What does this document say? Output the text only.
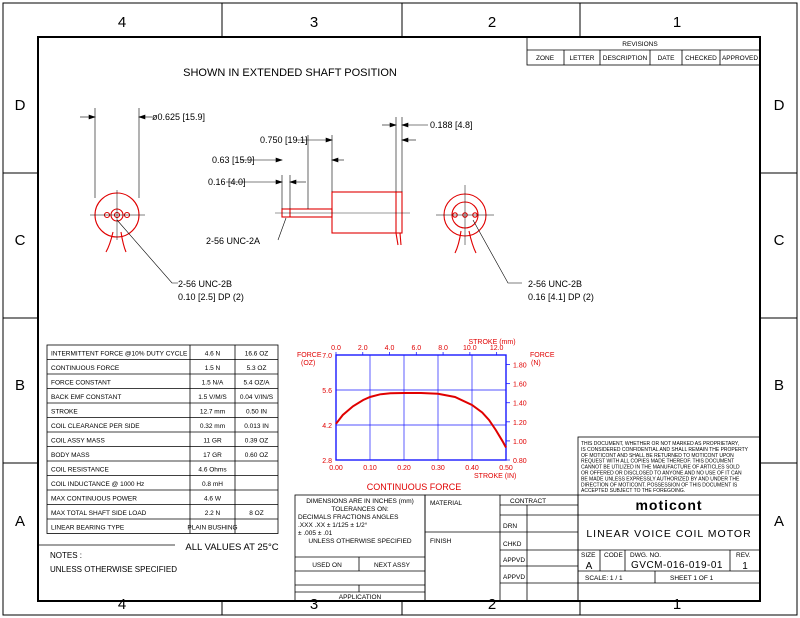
4	3	2	1
4	3	2	1
D
C
B
A
D
C
B
A
REVISIONS
ZONE LETTER DESCRIPTION DATE CHECKED APPROVED
SHOWN IN EXTENDED SHAFT POSITION
ø0.625 [15.9]
0.750 [19.1]
0.188 [4.8]
0.63 [15.9]
0.16 [4.0]
2-56 UNC-2A
2-56 UNC-2B
0.10 [2.5] DP (2)
2-56 UNC-2B
0.16 [4.1] DP (2)
INTERMITTENT FORCE @10% DUTY CYCLE	4.6 N	16.6 OZ
CONTINUOUS FORCE	1.5 N	5.3 OZ
FORCE CONSTANT	1.5 N/A	5.4 OZ/A
BACK EMF CONSTANT	1.5 V/M/S 0.04 V/IN/S
STROKE	12.7 mm	0.50 IN
COIL CLEARANCE PER SIDE	0.32 mm	0.013 IN
COIL ASSY MASS	11 GR	0.39 OZ
BODY MASS	17 GR	0.60 OZ
COIL RESISTANCE	4.6 Ohms
COIL INDUCTANCE @ 1000 Hz	0.8 mH
MAX CONTINUOUS POWER	4.6 W
MAX TOTAL SHAFT SIDE LOAD	2.2 N	8 OZ
LINEAR BEARING TYPE	PLAIN BUSHING
ALL VALUES AT 25°C
NOTES :
UNLESS OTHERWISE SPECIFIED
0.00	0.10	0.20	0.30	0.40	0.50
0.0 2.0 4.0 6.0 8.0 10.0 12.0
2.8
4.2
5.6
7.0
0.80
1.00
1.20
1.40
1.60
1.80
FORCE
(OZ)
FORCE
(N)
STROKE (mm)
STROKE (IN)
CONTINUOUS FORCE
DIMENSIONS ARE IN INCHES (mm)
TOLERANCES ON:
DECIMALS FRACTIONS ANGLES
.XXX .XX ± 1/125 ± 1/2°
± .005 ± .01
UNLESS OTHERWISE SPECIFIED
USED ON	NEXT ASSY
APPLICATION
MATERIAL
FINISH
CONTRACT
DRN
CHKD
APPVD
APPVD
THIS DOCUMENT, WHETHER OR NOT MARKED AS PROPRIETARY,
IS CONSIDERED CONFIDENTIAL AND SHALL REMAIN THE PROPERTY
OF MOTICONT AND SHALL BE RETURNED TO MOTICONT UPON
REQUEST WITH ALL COPIES MADE THEREOF. THIS DOCUMENT
CANNOT BE UTILIZED IN THE MANUFACTURE OF ARTICLES SOLD
OR OFFERED OR DISCLOSED TO ANYONE AND NO USE OF IT CAN
BE MADE UNLESS EXPRESSLY AUTHORIZED BY AND UNDER THE
DIRECTION OF MOTICONT. POSSESSION OF THIS DOCUMENT IS
ACCEPTED SUBJECT TO THE FOREGOING.
moticont
LINEAR VOICE COIL MOTOR
SIZE
A
CODE DWG. NO.
GVCM-016-019-01
REV.
1
SCALE: 1 / 1	SHEET 1 OF 1
